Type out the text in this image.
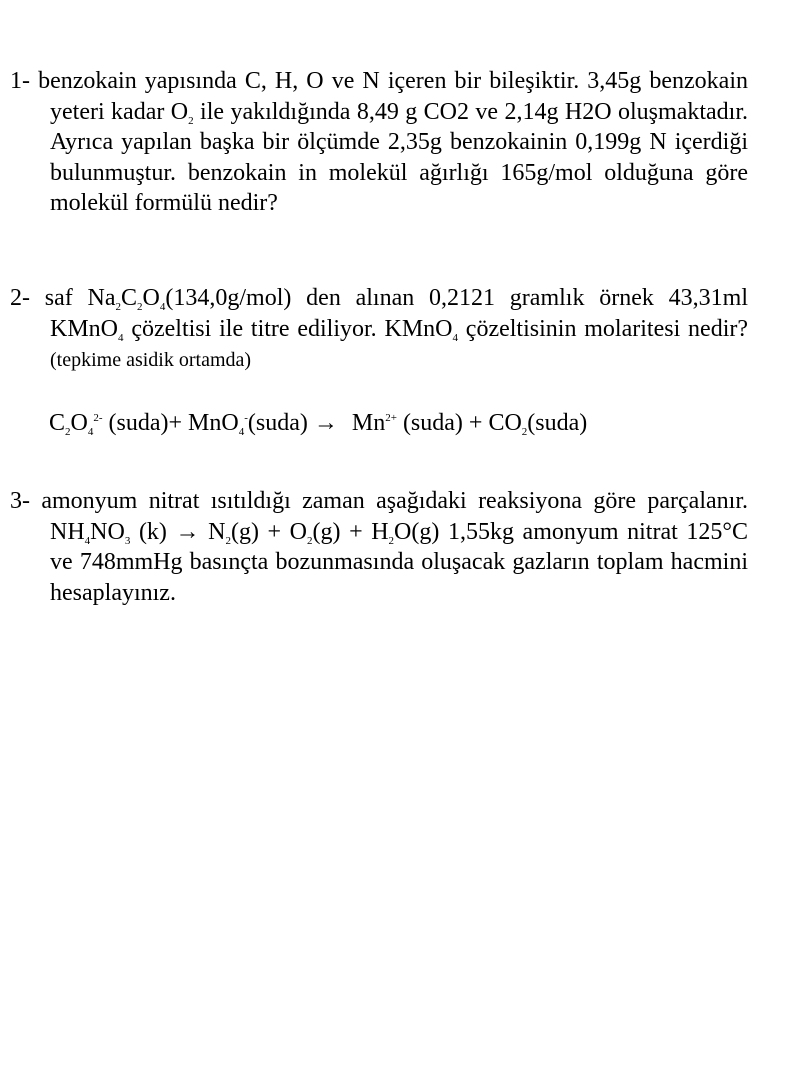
1- benzokain yapısında C, H, O ve N içeren bir bileşiktir. 3,45g benzokain yeteri kadar $O_2$ ile yakıldığında 8,49 g CO2 ve 2,14g H2O oluşmaktadır. Ayrıca yapılan başka bir ölçümde 2,35g benzokainin 0,199g N içerdiği bulunmuştur. benzokain in molekül ağırlığı 165g/mol olduğuna göre molekül formülü nedir?
2- saf $Na_2C_2O_4(134,0g/mol)$ den alınan 0,2121 gramlık örnek 43,31ml KMnO$_4$ çözeltisi ile titre ediliyor. KMnO$_4$ çözeltisinin molaritesi nedir? (tepkime asidik ortamda)
$C_2O_4^{2-}$ (suda)+ MnO$_4$-(suda) → $Mn^{2+}$ (suda) + $CO_2(suda)$
3- amonyum nitrat ısıtıldığı zaman aşağıdaki reaksiyona göre parçalanır. $NH_4NO_3$ $(k) \to N_2(g) + O_2(g) + H_2O(g)$ 1,55kg amonyum nitrat 125°C ve 748mmHg basınçta bozunmasında oluşacak gazların toplam hacmini hesaplayınız.
